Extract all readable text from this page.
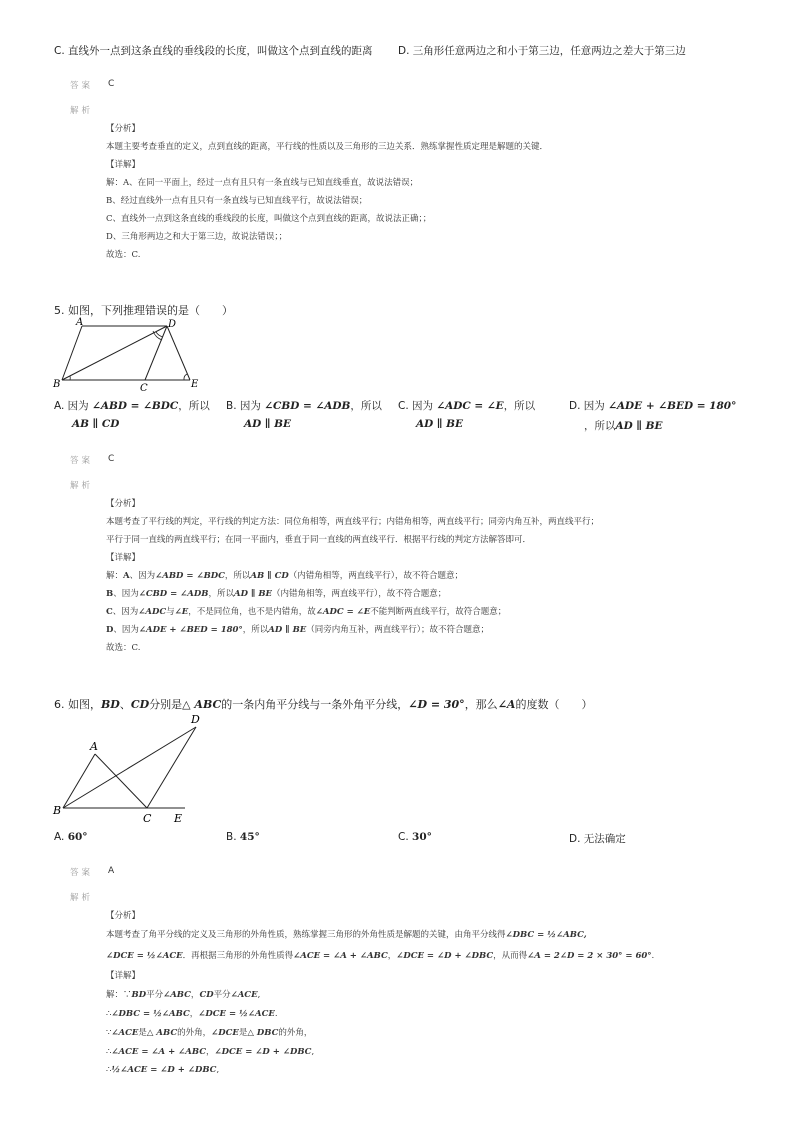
C. 直线外一点到这条直线的垂线段的长度，叫做这个点到直线的距离 D. 三角形任意两边之和小于第三边，任意两边之差大于第三边
答案 C
解析
【分析】
本题主要考查垂直的定义，点到直线的距离，平行线的性质以及三角形的三边关系．熟练掌握性质定理是解题的关键．
【详解】
解：A、在同一平面上，经过一点有且只有一条直线与已知直线垂直，故说法错误；
B、经过直线外一点有且只有一条直线与已知直线平行，故说法错误；
C、直线外一点到这条直线的垂线段的长度，叫做这个点到直线的距离，故说法正确；；
D、三角形两边之和大于第三边，故说法错误；；
故选：C.
5. 如图，下列推理错误的是（　　）
A	D
B	C	E
A. 因为 ∠ABD = ∠BDC，所以
AB ∥ CD
B. 因为 ∠CBD = ∠ADB，所以
AD ∥ BE
C. 因为 ∠ADC = ∠E，所以
AD ∥ BE
D. 因为 ∠ADE + ∠BED = 180°
，所以AD ∥ BE
答案 C
解析
【分析】
本题考查了平行线的判定，平行线的判定方法：同位角相等，两直线平行；内错角相等，两直线平行；同旁内角互补，两直线平行；
平行于同一直线的两直线平行；在同一平面内，垂直于同一直线的两直线平行．根据平行线的判定方法解答即可．
【详解】
解：A、因为∠ABD = ∠BDC，所以AB ∥ CD（内错角相等，两直线平行），故不符合题意；
B、因为∠CBD = ∠ADB，所以AD ∥ BE（内错角相等，两直线平行），故不符合题意；
C、因为∠ADC与∠E，不是同位角，也不是内错角，故∠ADC = ∠E不能判断两直线平行，故符合题意；
D、因为∠ADE + ∠BED = 180°，所以AD ∥ BE（同旁内角互补，两直线平行）；故不符合题意；
故选：C.
6. 如图，BD、CD分别是△ ABC的一条内角平分线与一条外角平分线，∠D = 30°，那么∠A的度数（　　）
A
D
B
C E
A. 60°	B. 45°	C. 30°	D. 无法确定
答案 A
解析
【分析】
本题考查了角平分线的定义及三角形的外角性质，熟练掌握三角形的外角性质是解题的关键，由角平分线得∠DBC = ½∠ABC,
∠DCE = ½∠ACE．再根据三角形的外角性质得∠ACE = ∠A + ∠ABC，∠DCE = ∠D + ∠DBC，从而得∠A = 2∠D = 2 × 30° = 60°.
【详解】
解：∵BD平分∠ABC，CD平分∠ACE,
∴∠DBC = ½∠ABC，∠DCE = ½∠ACE.
∵∠ACE是△ ABC的外角，∠DCE是△ DBC的外角，
∴∠ACE = ∠A + ∠ABC，∠DCE = ∠D + ∠DBC,
∴½∠ACE = ∠D + ∠DBC,
